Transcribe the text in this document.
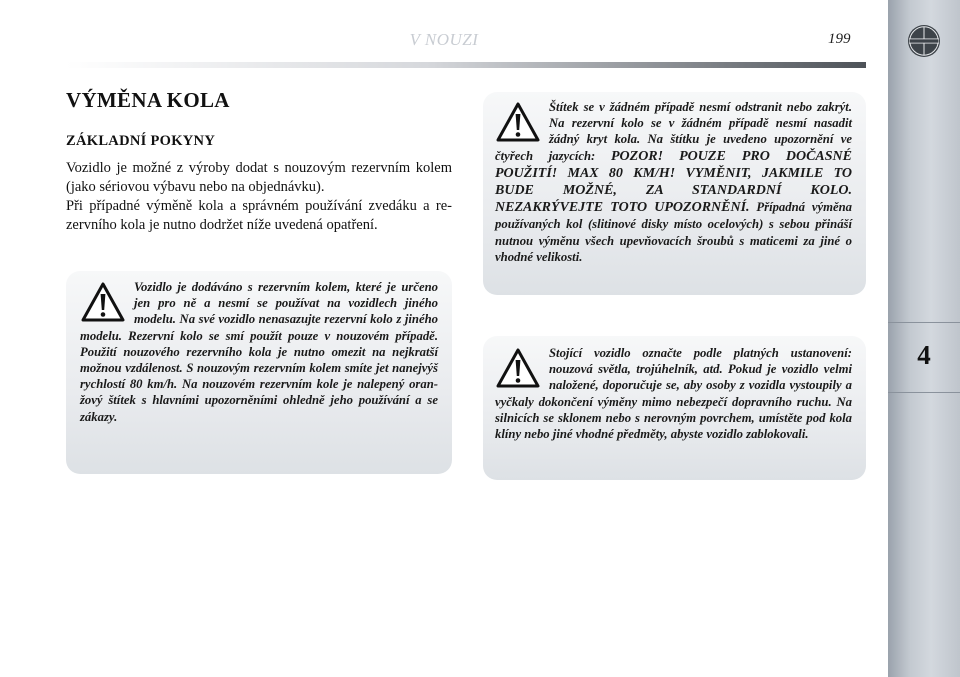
V NOUZI	199
4
VÝMĚNA KOLA
ZÁKLADNÍ POKYNY

Vozidlo je možné z výroby dodat s nouzovým rezervním kolem (jako sériovou výbavu nebo na objednávku).

Při případné výměně kola a správném používání zvedáku a rezervního kola je nutno dodržet níže uvedená opatření.

Vozidlo je dodáváno s rezervním kolem, které je určeno jen pro ně a nesmí se používat na vozidlech jiného modelu. Na své vozidlo nenasazujte rezervní kolo z jiného modelu. Rezervní kolo se smí použít pouze v nouzovém případě. Použití nouzového rezervního kola je nutno omezit na nejkratší možnou vzdálenost. S nouzovým rezervním kolem smíte jet nanejvýš rychlostí 80 km/h. Na nouzovém rezervním kole je nalepený oranžový štítek s hlavními upozorněními ohledně jeho používání a se zákazy.
Štítek se v žádném případě nesmí odstranit nebo zakrýt. Na rezervní kolo se v žádném případě nesmí nasadit žádný kryt kola. Na štítku je uvedeno upozornění ve čtyřech jazycích: POZOR! POUZE PRO DOČASNÉ POUŽITÍ! MAX 80 KM/H! VYMĚNIT, JAKMILE TO BUDE MOŽNÉ, ZA STANDARDNÍ KOLO. NEZAKRÝVEJTE TOTO UPOZORNĚNÍ. Případná výměna používaných kol (slitinové disky místo ocelových) s sebou přináší nutnou výměnu všech upevňovacích šroubů s maticemi za jiné o vhodné velikosti.
Stojící vozidlo označte podle platných ustanovení: nouzová světla, trojúhelník, atd. Pokud je vozidlo velmi naložené, doporučuje se, aby osoby z vozidla vystoupily a vyčkaly dokončení výměny mimo nebezpečí dopravního ruchu. Na silnicích se sklonem nebo s nerovným povrchem, umístěte pod kola klíny nebo jiné vhodné předměty, abyste vozidlo zablokovali.
